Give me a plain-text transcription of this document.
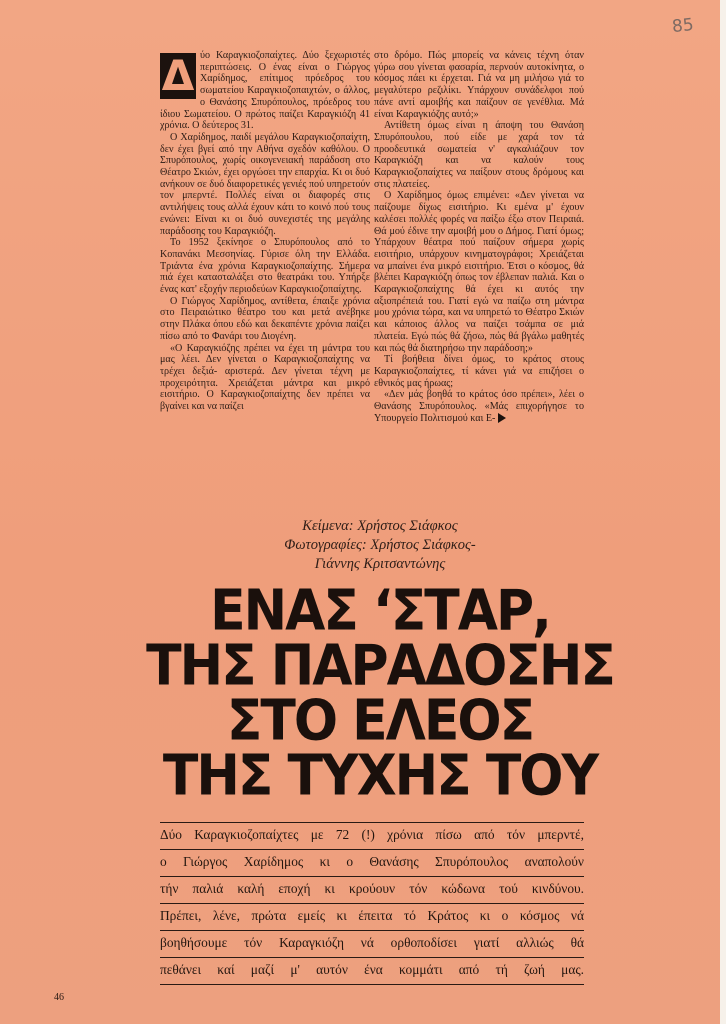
85

Δ ύο Καραγκιοζοπαίχτες. Δύο ξεχωριστές περιπτώσεις. Ο ένας είναι ο Γιώργος Χαρίδημος, επίτιμος πρόεδρος του σωματείου Καραγκιοζοπαιχτών, ο άλλος, ο Θανάσης Σπυρόπουλος, πρόεδρος του ίδιου Σωματείου. Ο πρώτος παίζει Καραγκιόζη 41 χρόνια. Ο δεύτερος 31.

Ο Χαρίδημος, παιδί μεγάλου Καραγκιοζοπαίχτη, δεν έχει βγεί από την Αθήνα σχεδόν καθόλου. Ο Σπυρόπουλος, χωρίς οικογενειακή παράδοση στο Θέατρο Σκιών, έχει οργώσει την επαρχία. Κι οι δυό ανήκουν σε δυό διαφορετικές γενιές πού υπηρετούν τον μπερντέ. Πολλές είναι οι διαφορές στις αντιλήψεις τους αλλά έχουν κάτι το κοινό πού τους ενώνει: Είναι κι οι δυό συνεχιστές της μεγάλης παράδοσης του Καραγκιόζη.

Το 1952 ξεκίνησε ο Σπυρόπουλος από το Κοπανάκι Μεσσηνίας. Γύρισε όλη την Ελλάδα. Τριάντα ένα χρόνια Καραγκιοζοπαίχτης. Σήμερα πιά έχει κατασταλάξει στο θεατράκι του. Υπήρξε ένας κατ' εξοχήν περιοδεύων Καραγκιοζοπαίχτης.

Ο Γιώργος Χαρίδημος, αντίθετα, έπαιξε χρόνια στο Πειραιώτικο θέατρο του και μετά ανέβηκε στην Πλάκα όπου εδώ και δεκαπέντε χρόνια παίζει πίσω από το Φανάρι του Διογένη.

«Ο Καραγκιόζης πρέπει να έχει τη μάντρα του μας λέει. Δεν γίνεται ο Καραγκιοζοπαίχτης να τρέχει δεξιά- αριστερά. Δεν γίνεται τέχνη με προχειρότητα. Χρειάζεται μάντρα και μικρό εισιτήριο. Ο Καραγκιοζοπαίχτης δεν πρέπει να βγαίνει και να παίζει

στο δρόμο. Πώς μπορείς να κάνεις τέχνη όταν γύρω σου γίνεται φασαρία, περνούν αυτοκίνητα, ο κόσμος πάει κι έρχεται. Γιά να μη μιλήσω γιά το μεγαλύτερο ρεζιλίκι. Υπάρχουν συνάδελφοι πού πάνε αντί αμοιβής και παίζουν σε γενέθλια. Μά είναι Καραγκιόζης αυτό;»

Αντίθετη όμως είναι η άποψη του Θανάση Σπυρόπουλου, πού είδε με χαρά τον τά προοδευτικά σωματεία ν' αγκαλιάζουν τον Καραγκιόζη και να καλούν τους Καραγκιοζοπαίχτες να παίξουν στους δρόμους και στις πλατείες.

Ο Χαρίδημος όμως επιμένει: «Δεν γίνεται να παίζουμε δίχως εισιτήριο. Κι εμένα μ' έχουν καλέσει πολλές φορές να παίξω έξω στον Πειραιά. Θά μού έδινε την αμοιβή μου ο Δήμος. Γιατί όμως; Υπάρχουν θέατρα πού παίζουν σήμερα χωρίς εισιτήριο, υπάρχουν κινηματογράφοι; Χρειάζεται να μπαίνει ένα μικρό εισιτήριο. Έτσι ο κόσμος, θά βλέπει Καραγκιόζη όπως τον έβλεπαν παλιά. Και ο Καραγκιοζοπαίχτης θά έχει κι αυτός την αξιοπρέπειά του. Γιατί εγώ να παίζω στη μάντρα μου χρόνια τώρα, και να υπηρετώ το Θέατρο Σκιών και κάποιος άλλος να παίζει τσάμπα σε μιά πλατεία. Εγώ πώς θά ζήσω, πώς θά βγάλω μαθητές και πώς θά διατηρήσω την παράδοση;»

Τί βοήθεια δίνει όμως, το κράτος στους Καραγκιοζοπαίχτες, τί κάνει γιά να επιζήσει ο εθνικός μας ήρωας;

«Δεν μάς βοηθά το κράτος όσο πρέπει», λέει ο Θανάσης Σπυρόπουλος. «Μάς επιχορήγησε το Υπουργείο Πολιτισμού και Ε-

Κείμενα: Χρήστος Σιάφκος
Φωτογραφίες: Χρήστος Σιάφκος-
Γιάννης Κριτσαντώνης
ΕΝΑΣ ‘ΣΤΑΡ,
ΤΗΣ ΠΑΡΑΔΟΣΗΣ
ΣΤΟ ΕΛΕΟΣ
ΤΗΣ ΤΥΧΗΣ ΤΟΥ
Δύο Καραγκιοζοπαίχτες με 72 (!) χρόνια πίσω από τόν μπερντέ,
ο Γιώργος Χαρίδημος κι ο Θανάσης Σπυρόπουλος αναπολούν
τήν παλιά καλή εποχή κι κρούουν τόν κώδωνα τού κινδύνου.
Πρέπει, λένε, πρώτα εμείς κι έπειτα τό Κράτος κι ο κόσμος νά
βοηθήσουμε τόν Καραγκιόζη νά ορθοποδίσει γιατί αλλιώς θά
πεθάνει καί μαζί μ' αυτόν ένα κομμάτι από τή ζωή μας.
46
